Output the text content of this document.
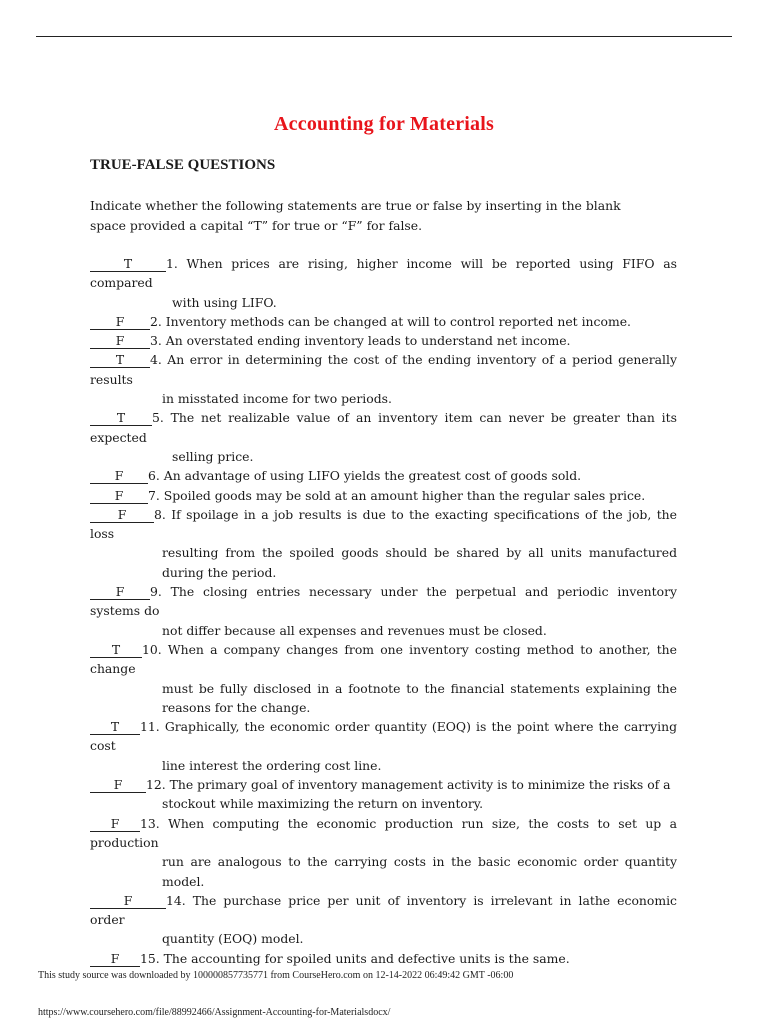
Accounting for Materials
TRUE-FALSE QUESTIONS
Indicate whether the following statements are true or false by inserting in the blank space provided a capital “T” for true or “F” for false.

T	1. When prices are rising, higher income will be reported using FIFO as compared
with using LIFO.

F 2. Inventory methods can be changed at will to control reported net income.

F 3. An overstated ending inventory leads to understand net income.

T 4. An error in determining the cost of the ending inventory of a period generally results
in misstated income for two periods.

T 5. The net realizable value of an inventory item can never be greater than its expected
selling price.

F 6. An advantage of using LIFO yields the greatest cost of goods sold.

F 7. Spoiled goods may be sold at an amount higher than the regular sales price.

F 8. If spoilage in a job results is due to the exacting specifications of the job, the loss
resulting from the spoiled goods should be shared by all units manufactured during the period.

F 9. The closing entries necessary under the perpetual and periodic inventory systems do
not differ because all expenses and revenues must be closed.

T 10. When a company changes from one inventory costing method to another, the change
must be fully disclosed in a footnote to the financial statements explaining the reasons for the change.

T 11. Graphically, the economic order quantity (EOQ) is the point where the carrying cost
line interest the ordering cost line.

F 12. The primary goal of inventory management activity is to minimize the risks of a
stockout while maximizing the return on inventory.

F 13. When computing the economic production run size, the costs to set up a production
run are analogous to the carrying costs in the basic economic order quantity model.

F	14. The purchase price per unit of inventory is irrelevant in lathe economic order
quantity (EOQ) model.

F 15. The accounting for spoiled units and defective units is the same.

This study source was downloaded by 100000857735771 from CourseHero.com on 12-14-2022 06:49:42 GMT -06:00
https://www.coursehero.com/file/88992466/Assignment-Accounting-for-Materialsdocx/
